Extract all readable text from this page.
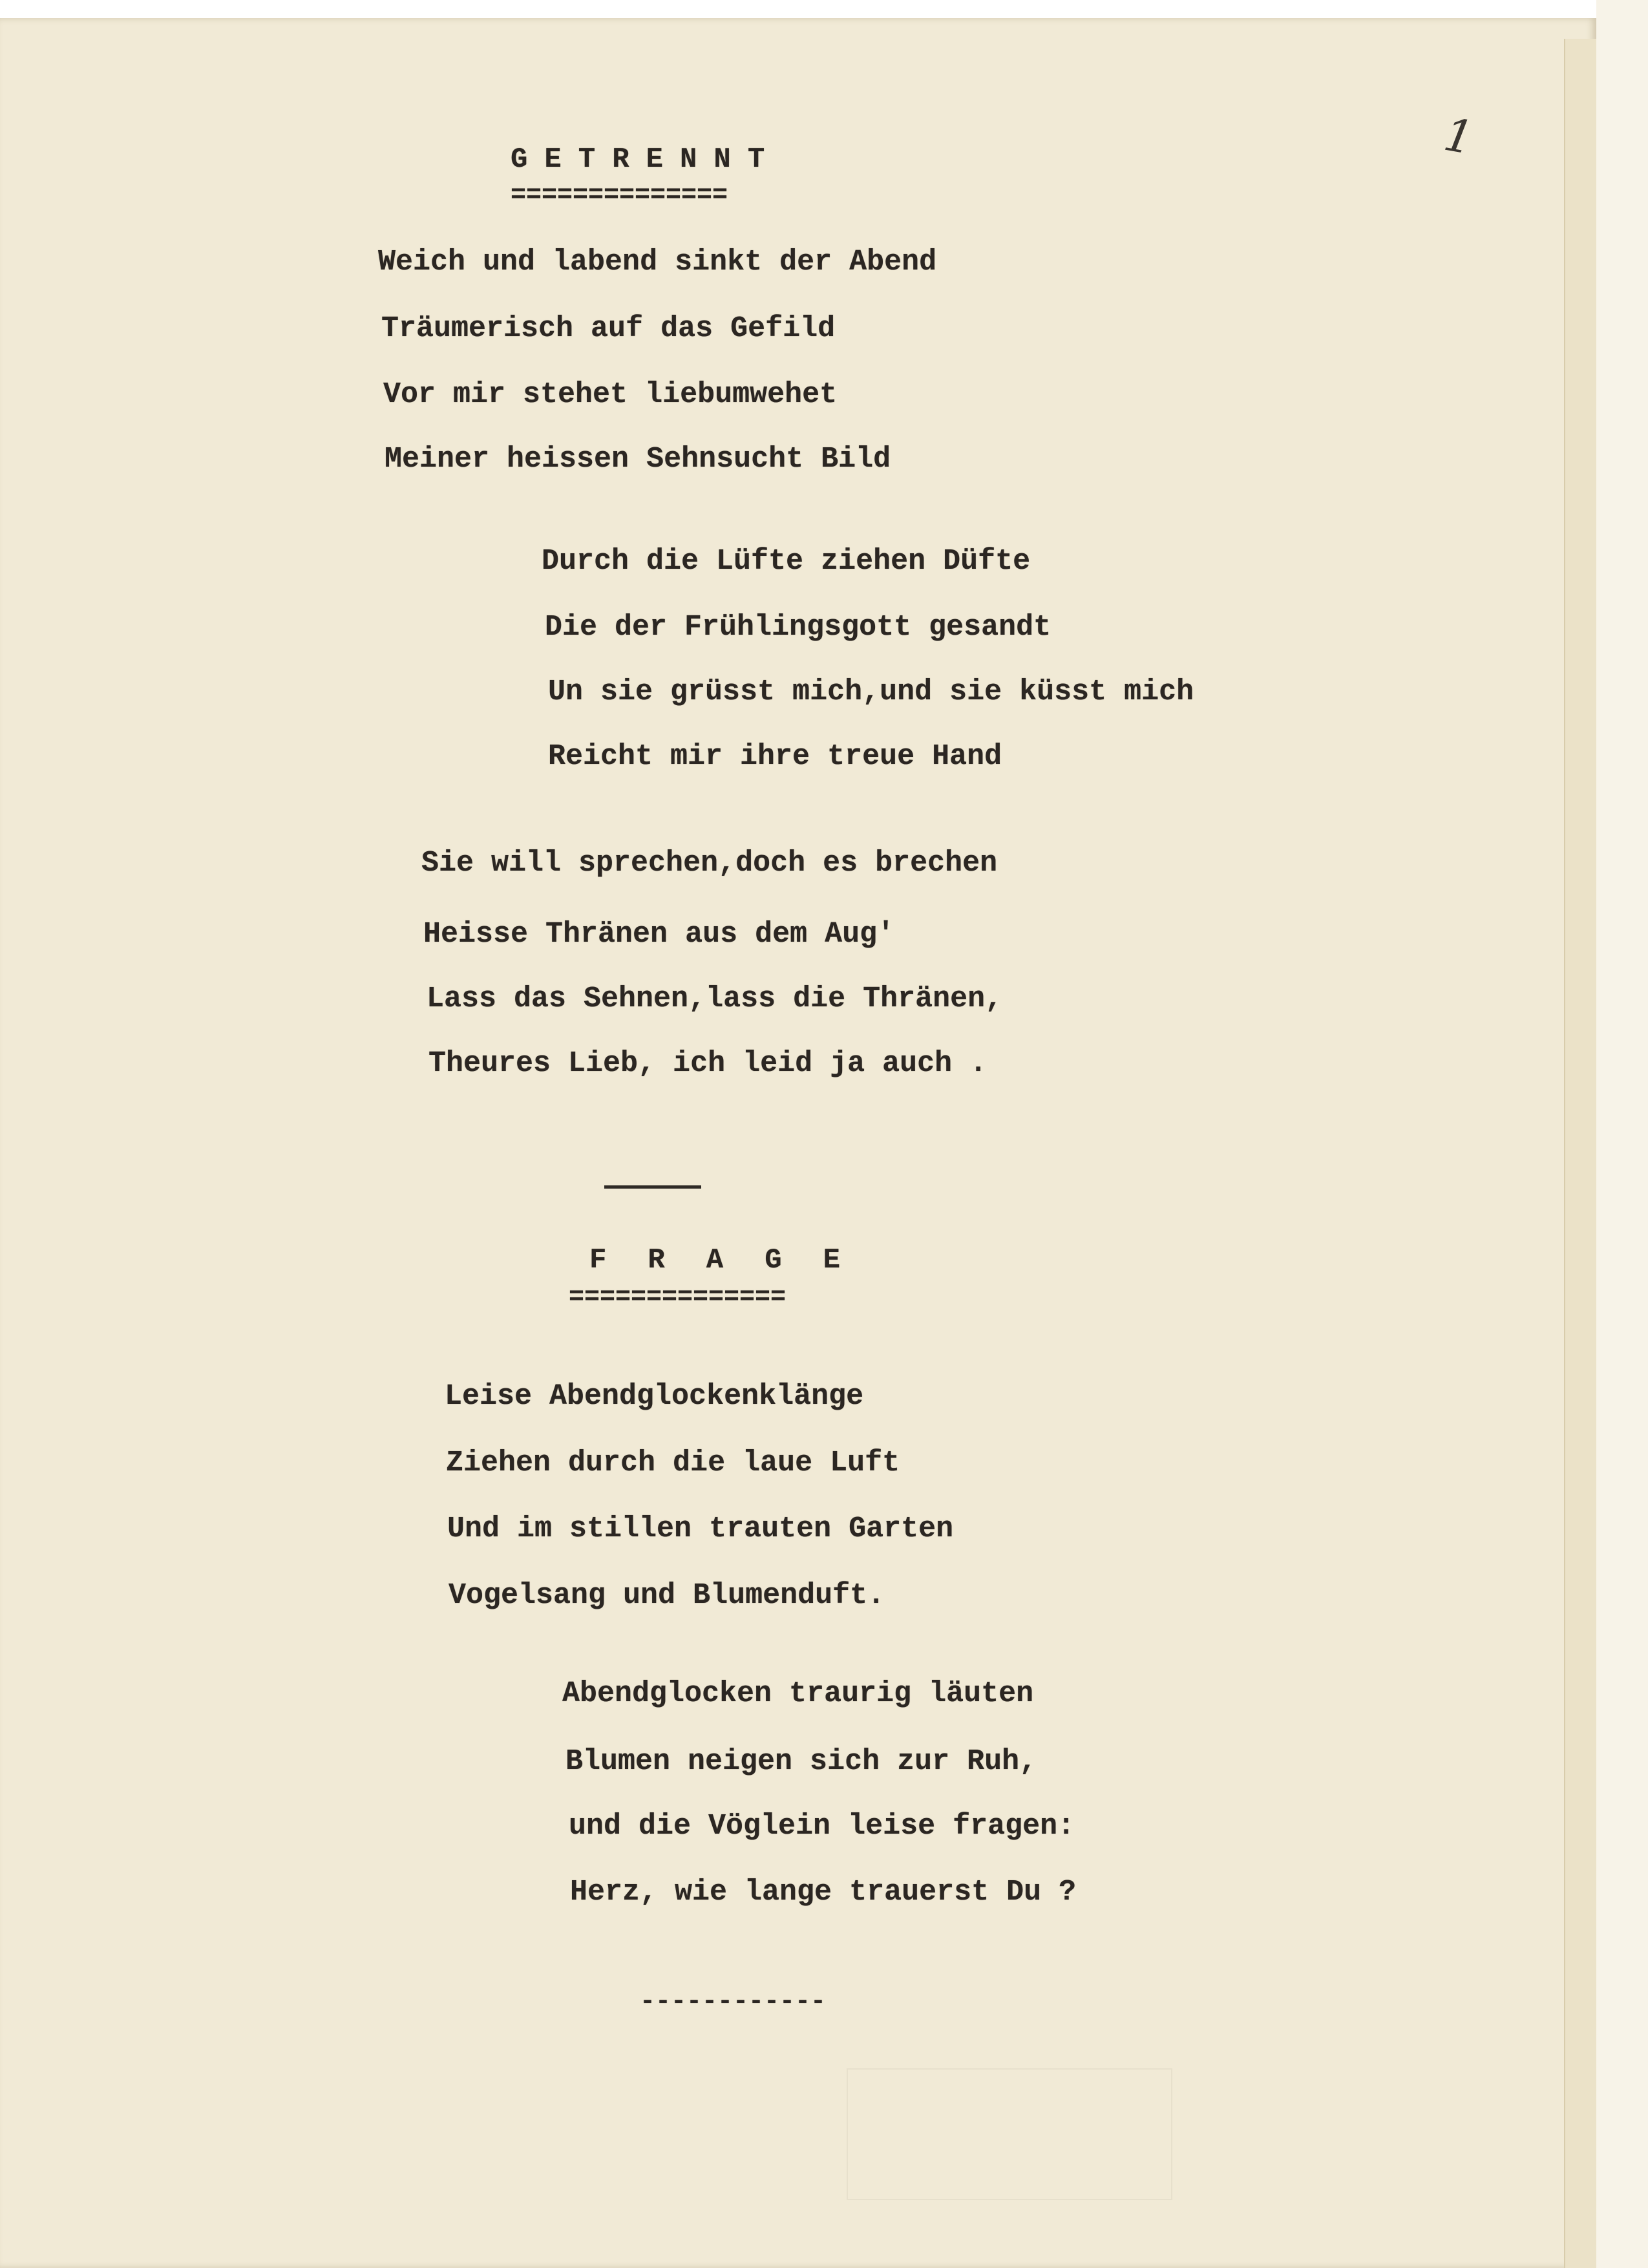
1

GETRENNT

==============

Weich und labend sinkt der Abend

Träumerisch auf das Gefild

Vor mir stehet liebumwehet

Meiner heissen Sehnsucht Bild

Durch die Lüfte ziehen Düfte

Die der Frühlingsgott gesandt

Un sie grüsst mich,und sie küsst mich

Reicht mir ihre treue Hand

Sie will sprechen,doch es brechen

Heisse Thränen aus dem Aug'

Lass das Sehnen,lass die Thränen,

Theures Lieb, ich leid ja auch .

FRAGE

==============

Leise Abendglockenklänge

Ziehen durch die laue Luft

Und im stillen trauten Garten

Vogelsang und Blumenduft.

Abendglocken traurig läuten

Blumen neigen sich zur Ruh,

und die Vöglein leise fragen:

Herz, wie lange trauerst Du ?

------------
